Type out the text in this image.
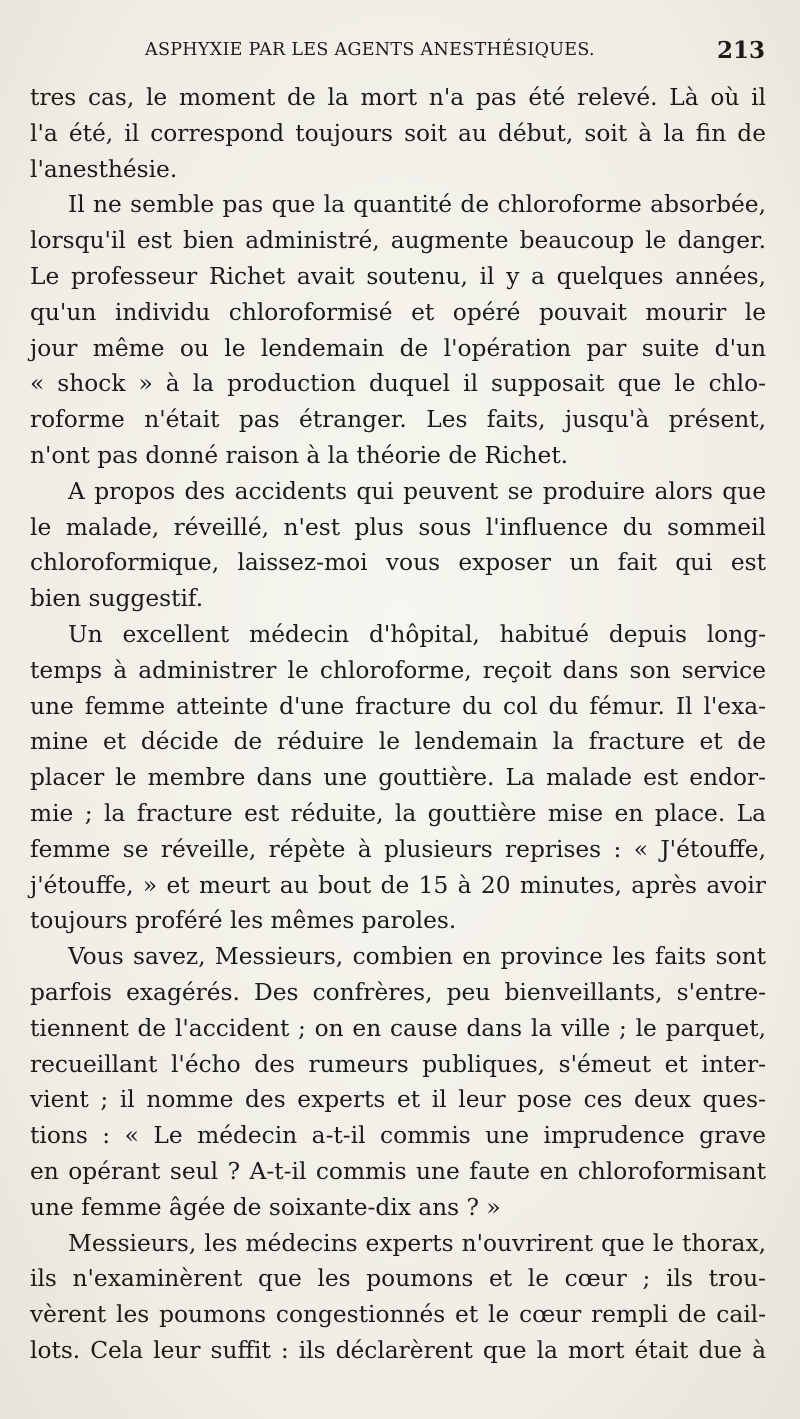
ASPHYXIE PAR LES AGENTS ANESTHÉSIQUES.	213
tres cas, le moment de la mort n'a pas été relevé. Là où il
l'a été, il correspond toujours soit au début, soit à la fin de
l'anesthésie.
Il ne semble pas que la quantité de chloroforme absorbée,
lorsqu'il est bien administré, augmente beaucoup le danger.
Le professeur Richet avait soutenu, il y a quelques années,
qu'un individu chloroformisé et opéré pouvait mourir le
jour même ou le lendemain de l'opération par suite d'un
« shock » à la production duquel il supposait que le chlo-
roforme n'était pas étranger. Les faits, jusqu'à présent,
n'ont pas donné raison à la théorie de Richet.
A propos des accidents qui peuvent se produire alors que
le malade, réveillé, n'est plus sous l'influence du sommeil
chloroformique, laissez-moi vous exposer un fait qui est
bien suggestif.
Un excellent médecin d'hôpital, habitué depuis long-
temps à administrer le chloroforme, reçoit dans son service
une femme atteinte d'une fracture du col du fémur. Il l'exa-
mine et décide de réduire le lendemain la fracture et de
placer le membre dans une gouttière. La malade est endor-
mie ; la fracture est réduite, la gouttière mise en place. La
femme se réveille, répète à plusieurs reprises : « J'étouffe,
j'étouffe, » et meurt au bout de 15 à 20 minutes, après avoir
toujours proféré les mêmes paroles.
Vous savez, Messieurs, combien en province les faits sont
parfois exagérés. Des confrères, peu bienveillants, s'entre-
tiennent de l'accident ; on en cause dans la ville ; le parquet,
recueillant l'écho des rumeurs publiques, s'émeut et inter-
vient ; il nomme des experts et il leur pose ces deux ques-
tions : « Le médecin a-t-il commis une imprudence grave
en opérant seul ? A-t-il commis une faute en chloroformisant
une femme âgée de soixante-dix ans ? »
Messieurs, les médecins experts n'ouvrirent que le thorax,
ils n'examinèrent que les poumons et le cœur ; ils trou-
vèrent les poumons congestionnés et le cœur rempli de cail-
lots. Cela leur suffit : ils déclarèrent que la mort était due à
